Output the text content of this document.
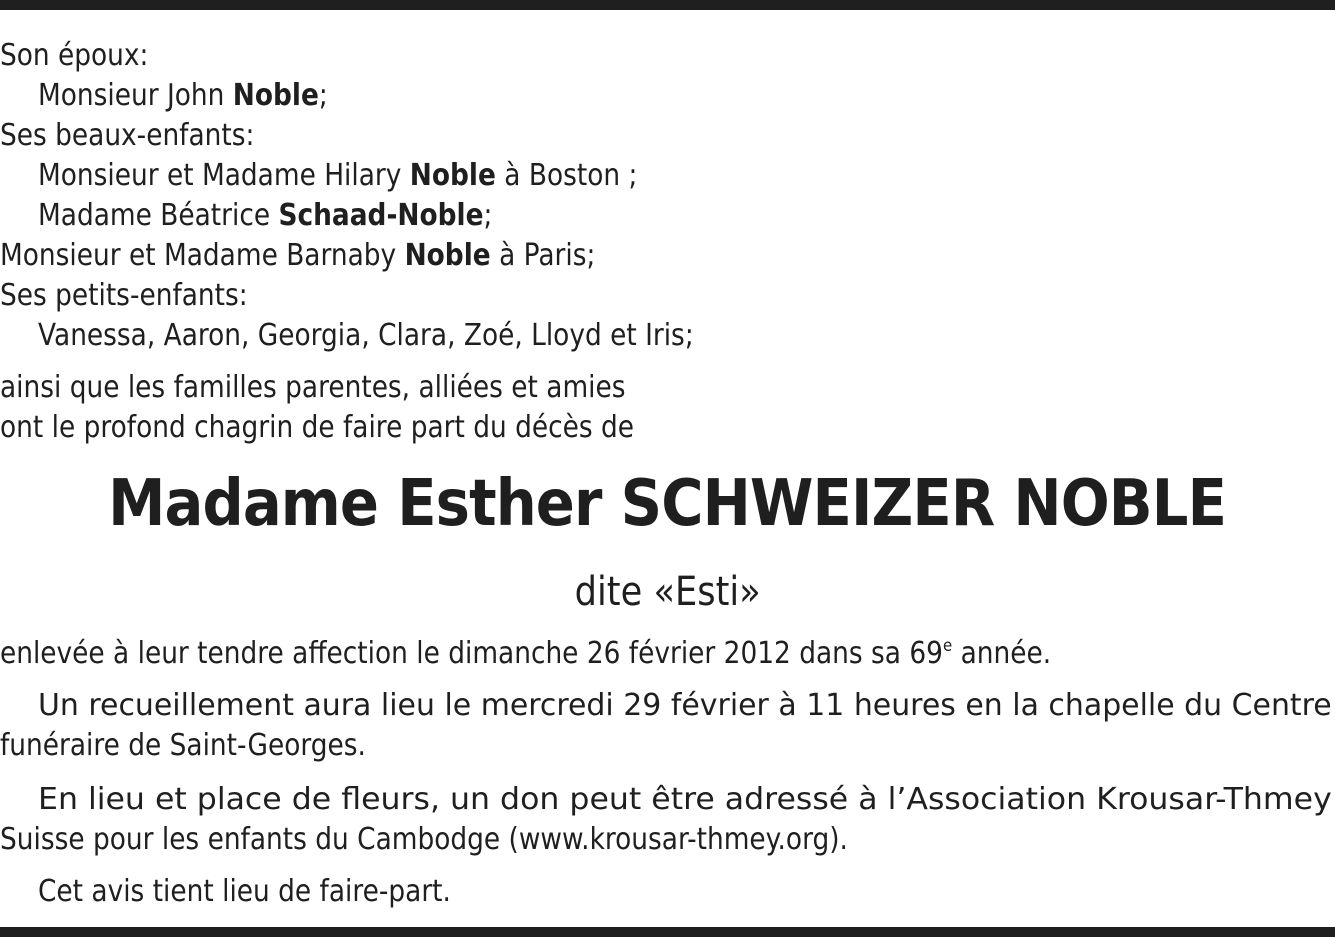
Son époux:
Monsieur John Noble;
Ses beaux-enfants:
Monsieur et Madame Hilary Noble à Boston ;
Madame Béatrice Schaad-Noble;
Monsieur et Madame Barnaby Noble à Paris;
Ses petits-enfants:
Vanessa, Aaron, Georgia, Clara, Zoé, Lloyd et Iris;
ainsi que les familles parentes, alliées et amies
ont le profond chagrin de faire part du décès de
Madame Esther SCHWEIZER NOBLE
dite «Esti»
enlevée à leur tendre affection le dimanche 26 février 2012 dans sa 69e année.
Un recueillement aura lieu le mercredi 29 février à 11 heures en la chapelle du Centre
funéraire de Saint-Georges.
En lieu et place de fleurs, un don peut être adressé à l’Association Krousar-Thmey
Suisse pour les enfants du Cambodge (www.krousar-thmey.org).
Cet avis tient lieu de faire-part.
